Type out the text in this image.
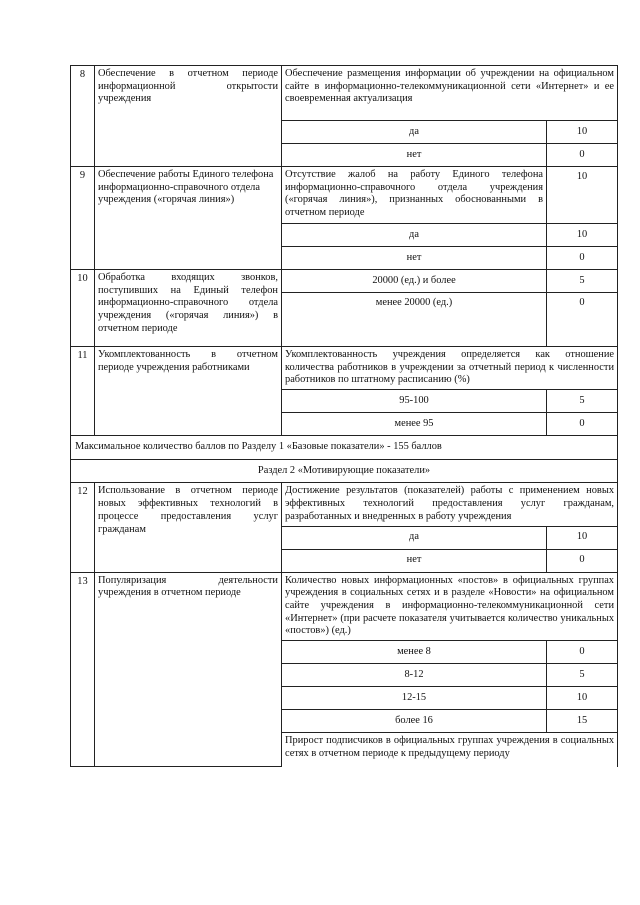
8	Обеспечение в отчетном периоде информационной открытости учреждения	Обеспечение размещения информации об учреждении на официальном сайте в информационно-телекоммуникационной сети «Интернет» и ее своевременная актуализация	
		да	10
		нет	0
9	Обеспечение работы Единого телефона информационно-справочного отдела учреждения («горячая линия»)	Отсутствие жалоб на работу Единого телефона информационно-справочного отдела учреждения («горячая линия»), признанных обоснованными в отчетном периоде	10
		да	10
		нет	0
10	Обработка входящих звонков, поступивших на Единый телефон информационно-справочного отдела учреждения («горячая линия») в отчетном периоде	20000 (ед.) и более	5
		менее 20000 (ед.)	0
11	Укомплектованность в отчетном периоде учреждения работниками	Укомплектованность учреждения определяется как отношение количества работников в учреждении за отчетный период к численности работников по штатному расписанию (%)	
		95-100	5
		менее 95	0
Максимальное количество баллов по Разделу 1 «Базовые показатели» - 155 баллов			
Раздел 2 «Мотивирующие показатели»			
12	Использование в отчетном периоде новых эффективных технологий в процессе предоставления услуг гражданам	Достижение результатов (показателей) работы с применением новых эффективных технологий предоставления услуг гражданам, разработанных и внедренных в работу учреждения	
		да	10
		нет	0
13	Популяризация деятельности учреждения в отчетном периоде	Количество новых информационных «постов» в официальных группах учреждения в социальных сетях и в разделе «Новости» на официальном сайте учреждения в информационно-телекоммуникационной сети «Интернет» (при расчете показателя учитывается количество уникальных «постов») (ед.)	
		менее 8	0
		8-12	5
		12-15	10
		более 16	15
		Прирост подписчиков в официальных группах учреждения в социальных сетях в отчетном периоде к предыдущему периоду	
